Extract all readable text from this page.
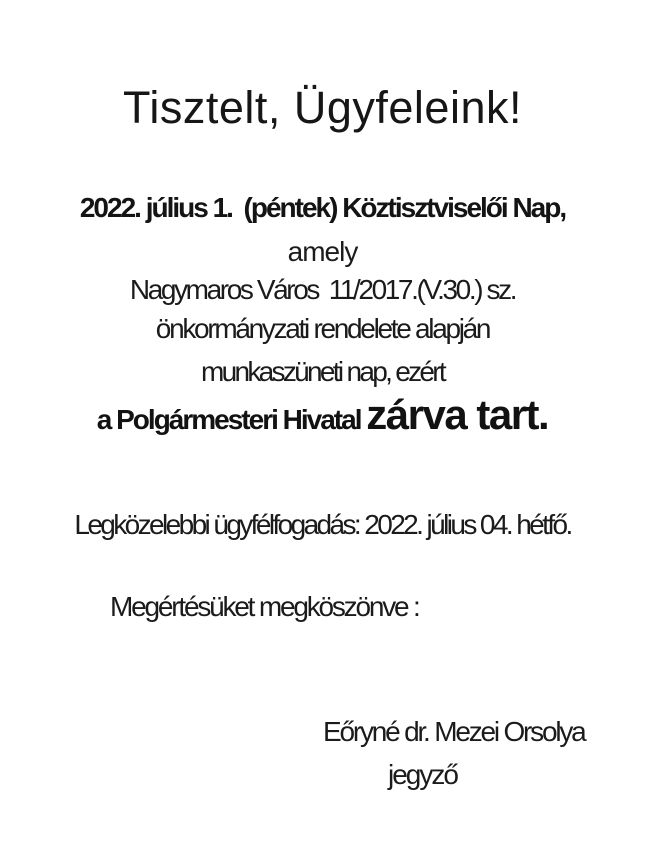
Tisztelt, Ügyfeleink!

2022. július 1.  (péntek) Köztisztviselői Nap,

amely

Nagymaros Város  11/2017.(V.30.) sz.

önkormányzati rendelete alapján

munkaszüneti nap, ezért

a Polgármesteri Hivatal zárva tart.

Legközelebbi ügyfélfogadás: 2022. július 04. hétfő.

Megértésüket megköszönve :

Eőryné dr. Mezei Orsolya

jegyző
